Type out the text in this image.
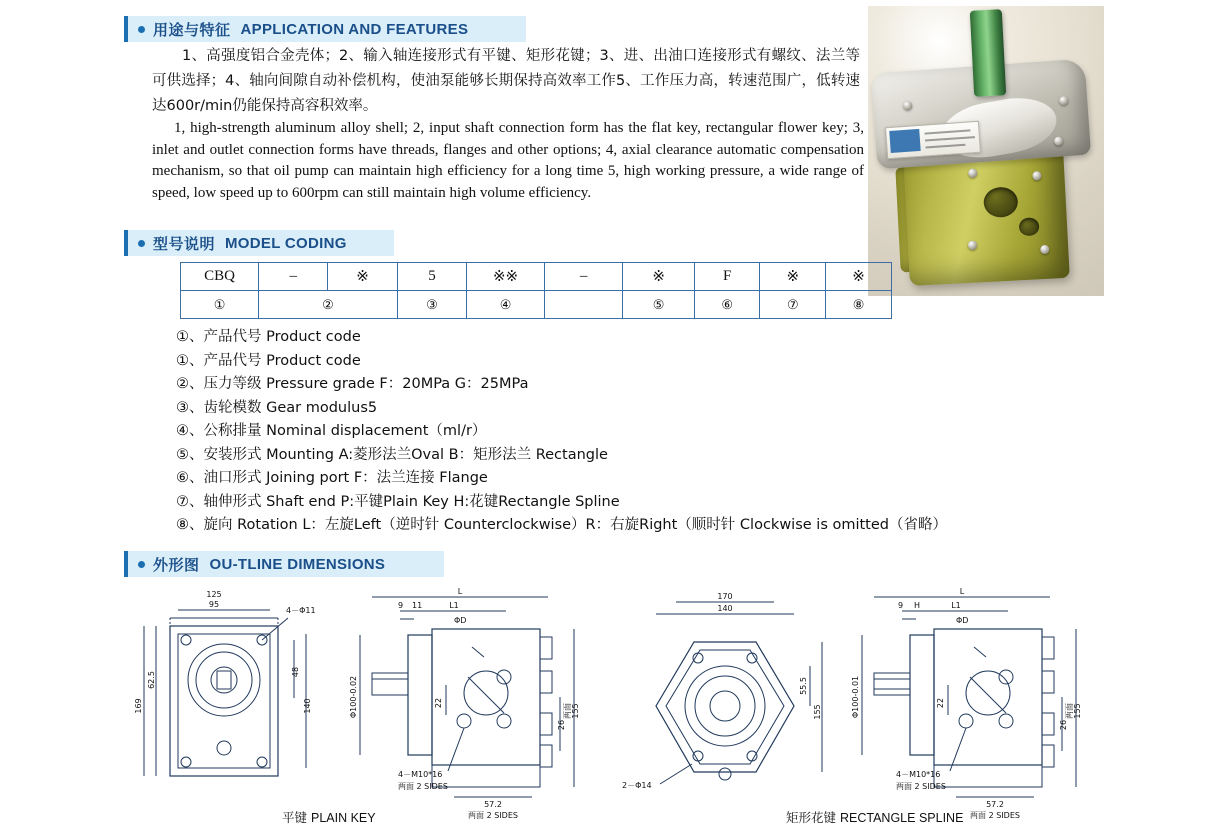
用途与特征 APPLICATION AND FEATURES
1、高强度铝合金壳体；2、输入轴连接形式有平键、矩形花键；3、进、出油口连接形式有螺纹、法兰等可供选择；4、轴向间隙自动补偿机构，使油泵能够长期保持高效率工作5、工作压力高，转速范围广，低转速达600r/min仍能保持高容积效率。
1, high-strength aluminum alloy shell; 2, input shaft connection form has the flat key, rectangular flower key; 3, inlet and outlet connection forms have threads, flanges and other options; 4, axial clearance automatic compensation mechanism, so that oil pump can maintain high efficiency for a long time 5, high working pressure, a wide range of speed, low speed up to 600rpm can still maintain high volume efficiency.
型号说明 MODEL CODING
CBQ	–	※	5	※※	–	※	F	※	※
①	②		③	④		⑤	⑥	⑦	⑧
①、产品代号 Product code
①、产品代号 Product code
②、压力等级 Pressure grade F：20MPa G：25MPa
③、齿轮模数 Gear modulus5
④、公称排量 Nominal displacement（ml/r）
⑤、安装形式 Mounting A:菱形法兰Oval B：矩形法兰 Rectangle
⑥、油口形式 Joining port F：法兰连接 Flange
⑦、轴伸形式 Shaft end P:平键Plain Key H:花键Rectangle Spline
⑧、旋向 Rotation L：左旋Left（逆时针 Counterclockwise）R：右旋Right（顺时针 Clockwise is omitted（省略）
外形图 OU-TLINE DIMENSIONS
95
125
4－Φ11
62.5
169
48
140
L
L1
9 11
ΦD
Φ100-0.02	22
26
155
两面
4－M10*16
两面 2 SIDES
57.2
两面 2 SIDES
平键 PLAIN KEY
170
140
55.5
155
2－Φ14
L
L1
9 H
ΦD
Φ100-0.01	22
26
155
两面
4－M10*16
两面 2 SIDES
57.2
两面 2 SIDES
矩形花键 RECTANGLE SPLINE
